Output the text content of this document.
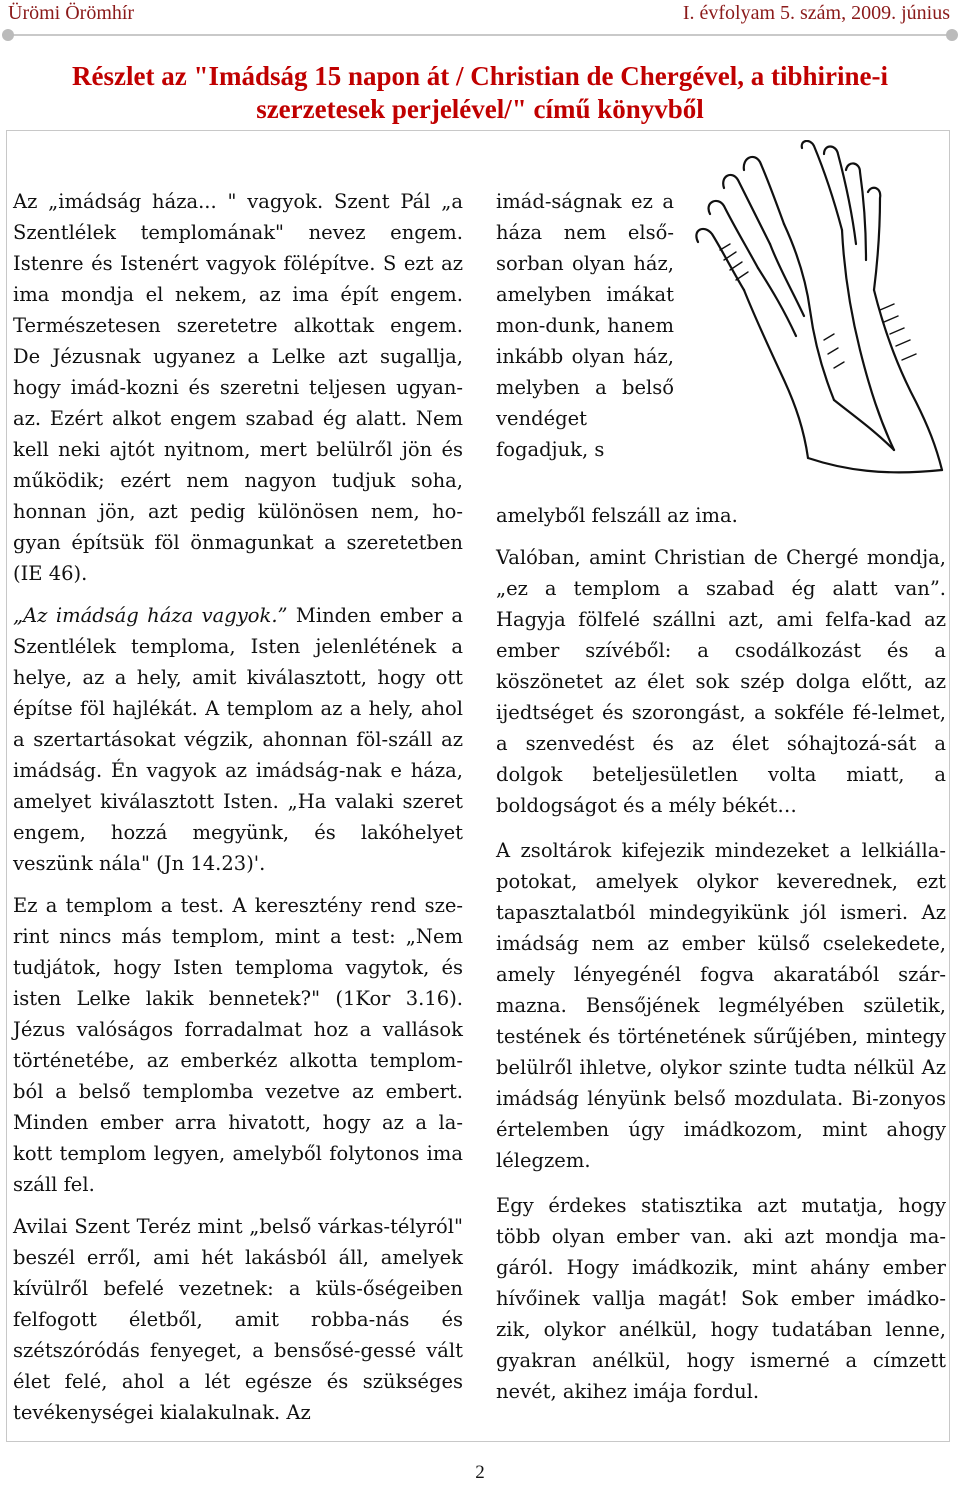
Ürömi Örömhír	I. évfolyam 5. szám, 2009. június
Részlet az "Imádság 15 napon át / Christian de Chergével, a tibhirine-i szerzetesek perjelével/" című könyvből

Az „imádság háza... " vagyok. Szent Pál „a Szentlélek templomának" nevez engem. Istenre és Istenért vagyok fölépítve. S ezt az ima mondja el nekem, az ima épít engem. Természetesen szeretetre alkottak engem. De Jézusnak ugyanez a Lelke azt sugallja, hogy imád-kozni és szeretni teljesen ugyan-az. Ezért alkot engem szabad ég alatt. Nem kell neki ajtót nyitnom, mert belülről jön és működik; ezért nem nagyon tudjuk soha, honnan jön, azt pedig különösen nem, ho-gyan építsük föl önmagunkat a szeretetben (IE 46).

„Az imádság háza vagyok.” Minden ember a Szentlélek temploma, Isten jelenlétének a helye, az a hely, amit kiválasztott, hogy ott építse föl hajlékát. A templom az a hely, ahol a szertartásokat végzik, ahonnan föl-száll az imádság. Én vagyok az imádság-nak e háza, amelyet kiválasztott Isten. „Ha valaki szeret engem, hozzá megyünk, és lakóhelyet veszünk nála" (Jn 14.23)'.

Ez a templom a test. A keresztény rend sze-rint nincs más templom, mint a test: „Nem tudjátok, hogy Isten temploma vagytok, és isten Lelke lakik bennetek?" (1Kor 3.16). Jézus valóságos forradalmat hoz a vallások történetébe, az emberkéz alkotta templom-ból a belső templomba vezetve az embert. Minden ember arra hivatott, hogy az a la-kott templom legyen, amelyből folytonos ima száll fel.

Avilai Szent Teréz mint „belső várkas-télyról" beszél erről, ami hét lakásból áll, amelyek kívülről befelé vezetnek: a küls-őségeiben felfogott életből, amit robba-nás és szétszóródás fenyeget, a bensősé-gessé vált élet felé, ahol a lét egésze és szükséges tevékenységei kialakulnak. Az

imád-ságnak ez a háza nem első-sorban olyan ház, amelyben imákat mon-dunk, hanem inkább olyan ház, melyben a belső vendéget fogadjuk, s

amelyből felszáll az ima.

Valóban, amint Christian de Chergé mondja, „ez a templom a szabad ég alatt van”. Hagyja fölfelé szállni azt, ami felfa-kad az ember szívéből: a csodálkozást és a köszönetet az élet sok szép dolga előtt, az ijedtséget és szorongást, a sokféle fé-lelmet, a szenvedést és az élet sóhajtozá-sát a dolgok beteljesületlen volta miatt, a boldogságot és a mély békét…

A zsoltárok kifejezik mindezeket a lelkiálla-potokat, amelyek olykor keverednek, ezt tapasztalatból mindegyikünk jól ismeri. Az imádság nem az ember külső cselekedete, amely lényegénél fogva akaratából szár-mazna. Bensőjének legmélyében születik, testének és történetének sűrűjében, mintegy belülről ihletve, olykor szinte tudta nélkül Az imádság lényünk belső mozdulata. Bi-zonyos értelemben úgy imádkozom, mint ahogy lélegzem.

Egy érdekes statisztika azt mutatja, hogy több olyan ember van. aki azt mondja ma-gáról. Hogy imádkozik, mint ahány ember hívőinek vallja magát! Sok ember imádko-zik, olykor anélkül, hogy tudatában lenne, gyakran anélkül, hogy ismerné a címzett nevét, akihez imája fordul.

2
